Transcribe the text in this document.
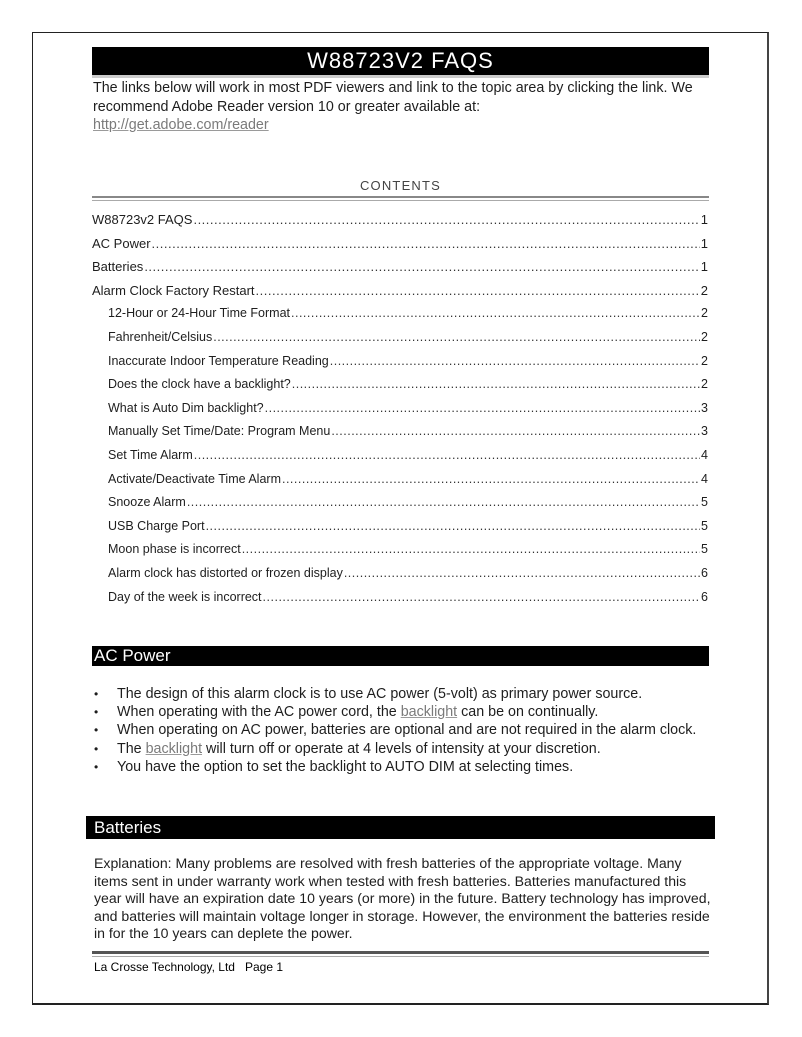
W88723V2 FAQS
The links below will work in most PDF viewers and link to the topic area by clicking the link. We recommend Adobe Reader version 10 or greater available at:
http://get.adobe.com/reader
CONTENTS
W88723v2 FAQS .....	1
AC Power .....	1
Batteries .....	1
Alarm Clock Factory Restart .....	2
12-Hour or 24-Hour Time Format .....	2
Fahrenheit/Celsius .....	2
Inaccurate Indoor Temperature Reading .....	2
Does the clock have a backlight? .....	2
What is Auto Dim backlight? .....	3
Manually Set Time/Date: Program Menu .....	3
Set Time Alarm .....	4
Activate/Deactivate Time Alarm .....	4
Snooze Alarm .....	5
USB Charge Port .....	5
Moon phase is incorrect .....	5
Alarm clock has distorted or frozen display .....	6
Day of the week is incorrect .....	6
AC Power
• The design of this alarm clock is to use AC power (5-volt) as primary power source.
• When operating with the AC power cord, the backlight can be on continually.
• When operating on AC power, batteries are optional and are not required in the alarm clock.
• The backlight will turn off or operate at 4 levels of intensity at your discretion.
• You have the option to set the backlight to AUTO DIM at selecting times.
Batteries

Explanation: Many problems are resolved with fresh batteries of the appropriate voltage. Many items sent in under warranty work when tested with fresh batteries. Batteries manufactured this year will have an expiration date 10 years (or more) in the future. Battery technology has improved, and batteries will maintain voltage longer in storage. However, the environment the batteries reside in for the 10 years can deplete the power.

La Crosse Technology, Ltd Page 1
